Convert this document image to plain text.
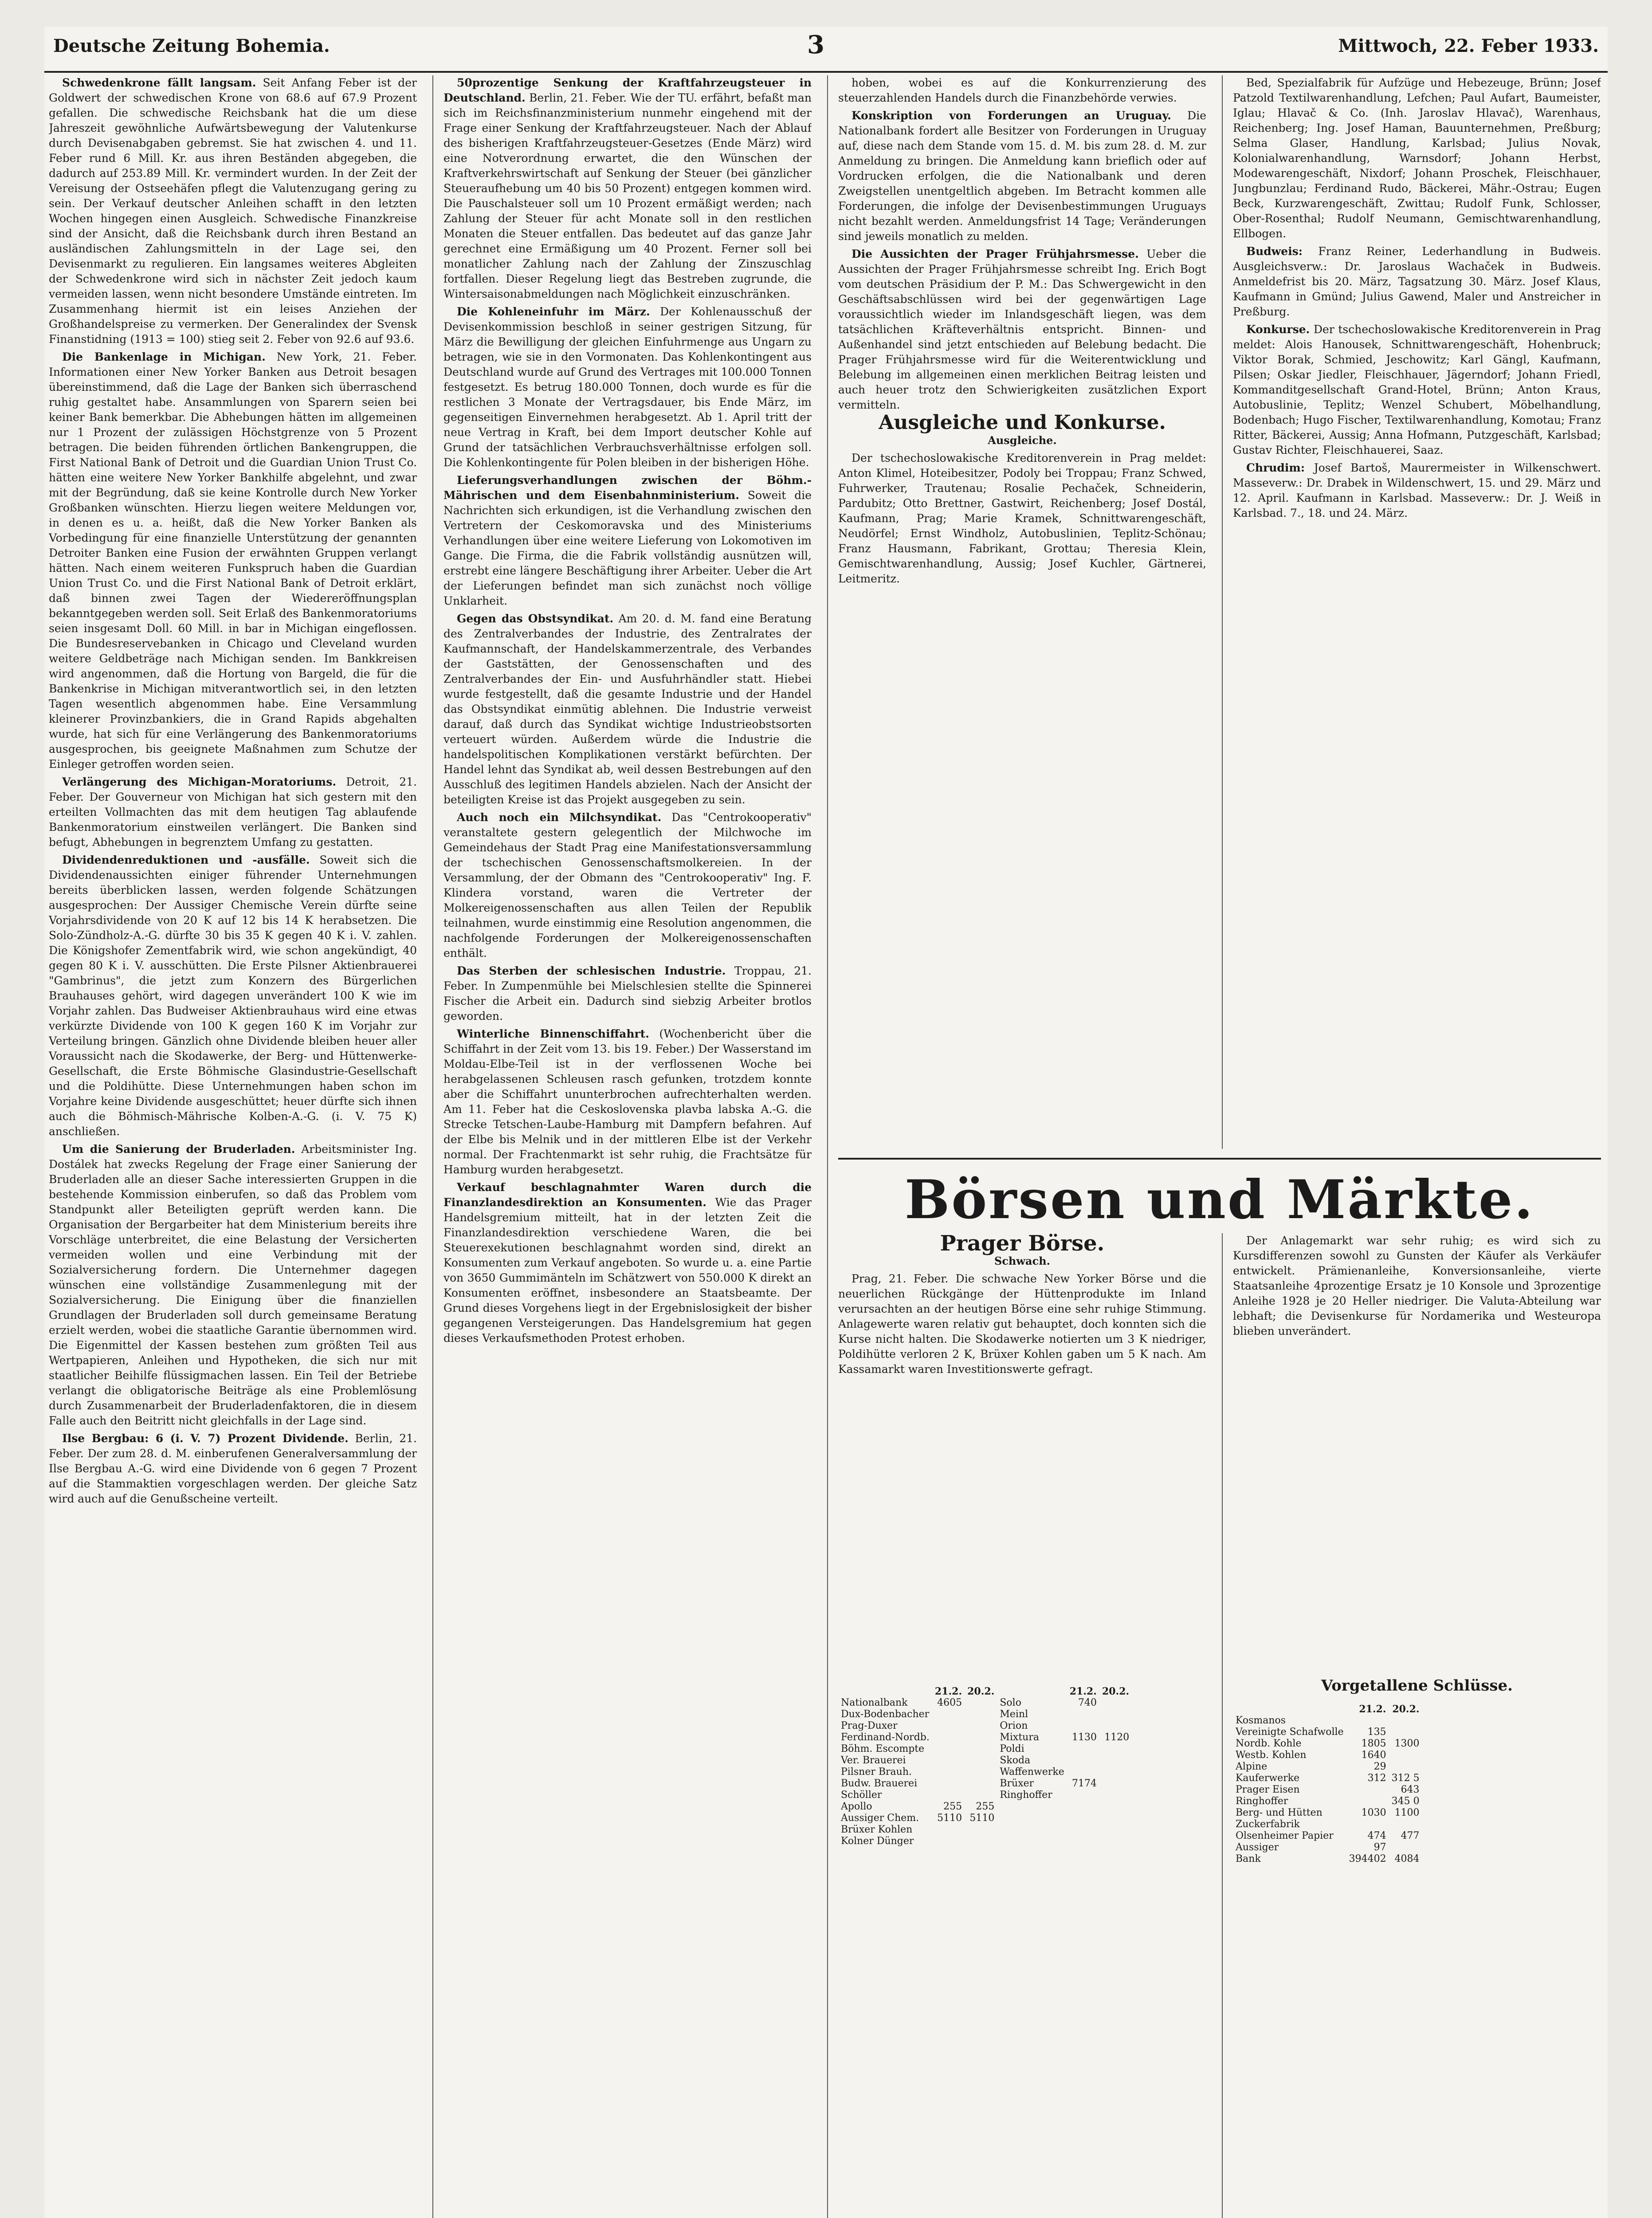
Deutsche Zeitung Bohemia.	3	Mittwoch, 22. Feber 1933.

Schwedenkrone fällt langsam. Seit Anfang Feber ist der Goldwert der schwedischen Krone von 68.6 auf 67.9 Prozent gefallen. Die schwedische Reichsbank hat die um diese Jahreszeit gewöhnliche Aufwärtsbewegung der Valutenkurse durch Devisenabgaben gebremst. Sie hat zwischen 4. und 11. Feber rund 6 Mill. Kr. aus ihren Beständen abgegeben, die dadurch auf 253.89 Mill. Kr. vermindert wurden. In der Zeit der Vereisung der Ostseehäfen pflegt die Valutenzugang gering zu sein. Der Verkauf deutscher Anleihen schafft in den letzten Wochen hingegen einen Ausgleich. Schwedische Finanzkreise sind der Ansicht, daß die Reichsbank durch ihren Bestand an ausländischen Zahlungsmitteln in der Lage sei, den Devisenmarkt zu regulieren. Ein langsames weiteres Abgleiten der Schwedenkrone wird sich in nächster Zeit jedoch kaum vermeiden lassen, wenn nicht besondere Umstände eintreten. Im Zusammenhang hiermit ist ein leises Anziehen der Großhandelspreise zu vermerken. Der Generalindex der Svensk Finanstidning (1913 = 100) stieg seit 2. Feber von 92.6 auf 93.6.

Die Bankenlage in Michigan. New York, 21. Feber. Informationen einer New Yorker Banken aus Detroit besagen übereinstimmend, daß die Lage der Banken sich überraschend ruhig gestaltet habe. Ansammlungen von Sparern seien bei keiner Bank bemerkbar. Die Abhebungen hätten im allgemeinen nur 1 Prozent der zulässigen Höchstgrenze von 5 Prozent betragen. Die beiden führenden örtlichen Bankengruppen, die First National Bank of Detroit und die Guardian Union Trust Co. hätten eine weitere New Yorker Bankhilfe abgelehnt, und zwar mit der Begründung, daß sie keine Kontrolle durch New Yorker Großbanken wünschten. Hierzu liegen weitere Meldungen vor, in denen es u. a. heißt, daß die New Yorker Banken als Vorbedingung für eine finanzielle Unterstützung der genannten Detroiter Banken eine Fusion der erwähnten Gruppen verlangt hätten. Nach einem weiteren Funkspruch haben die Guardian Union Trust Co. und die First National Bank of Detroit erklärt, daß binnen zwei Tagen der Wiedereröffnungsplan bekanntgegeben werden soll. Seit Erlaß des Bankenmoratoriums seien insgesamt Doll. 60 Mill. in bar in Michigan eingeflossen. Die Bundesreservebanken in Chicago und Cleveland wurden weitere Geldbeträge nach Michigan senden. Im Bankkreisen wird angenommen, daß die Hortung von Bargeld, die für die Bankenkrise in Michigan mitverantwortlich sei, in den letzten Tagen wesentlich abgenommen habe. Eine Versammlung kleinerer Provinzbankiers, die in Grand Rapids abgehalten wurde, hat sich für eine Verlängerung des Bankenmoratoriums ausgesprochen, bis geeignete Maßnahmen zum Schutze der Einleger getroffen worden seien.

Verlängerung des Michigan-Moratoriums. Detroit, 21. Feber. Der Gouverneur von Michigan hat sich gestern mit den erteilten Vollmachten das mit dem heutigen Tag ablaufende Bankenmoratorium einstweilen verlängert. Die Banken sind befugt, Abhebungen in begrenztem Umfang zu gestatten.

Dividendenreduktionen und -ausfälle. Soweit sich die Dividendenaussichten einiger führender Unternehmungen bereits überblicken lassen, werden folgende Schätzungen ausgesprochen: Der Aussiger Chemische Verein dürfte seine Vorjahrsdividende von 20 K auf 12 bis 14 K herabsetzen. Die Solo-Zündholz-A.-G. dürfte 30 bis 35 K gegen 40 K i. V. zahlen. Die Königshofer Zementfabrik wird, wie schon angekündigt, 40 gegen 80 K i. V. ausschütten. Die Erste Pilsner Aktienbrauerei "Gambrinus", die jetzt zum Konzern des Bürgerlichen Brauhauses gehört, wird dagegen unverändert 100 K wie im Vorjahr zahlen. Das Budweiser Aktienbrauhaus wird eine etwas verkürzte Dividende von 100 K gegen 160 K im Vorjahr zur Verteilung bringen. Gänzlich ohne Dividende bleiben heuer aller Voraussicht nach die Skodawerke, der Berg- und Hüttenwerke-Gesellschaft, die Erste Böhmische Glasindustrie-Gesellschaft und die Poldihütte. Diese Unternehmungen haben schon im Vorjahre keine Dividende ausgeschüttet; heuer dürfte sich ihnen auch die Böhmisch-Mährische Kolben-A.-G. (i. V. 75 K) anschließen.

Um die Sanierung der Bruderladen. Arbeitsminister Ing. Dostálek hat zwecks Regelung der Frage einer Sanierung der Bruderladen alle an dieser Sache interessierten Gruppen in die bestehende Kommission einberufen, so daß das Problem vom Standpunkt aller Beteiligten geprüft werden kann. Die Organisation der Bergarbeiter hat dem Ministerium bereits ihre Vorschläge unterbreitet, die eine Belastung der Versicherten vermeiden wollen und eine Verbindung mit der Sozialversicherung fordern. Die Unternehmer dagegen wünschen eine vollständige Zusammenlegung mit der Sozialversicherung. Die Einigung über die finanziellen Grundlagen der Bruderladen soll durch gemeinsame Beratung erzielt werden, wobei die staatliche Garantie übernommen wird. Die Eigenmittel der Kassen bestehen zum größten Teil aus Wertpapieren, Anleihen und Hypotheken, die sich nur mit staatlicher Beihilfe flüssigmachen lassen. Ein Teil der Betriebe verlangt die obligatorische Beiträge als eine Problemlösung durch Zusammenarbeit der Bruderladenfaktoren, die in diesem Falle auch den Beitritt nicht gleichfalls in der Lage sind.

Ilse Bergbau: 6 (i. V. 7) Prozent Dividende. Berlin, 21. Feber. Der zum 28. d. M. einberufenen Generalversammlung der Ilse Bergbau A.-G. wird eine Dividende von 6 gegen 7 Prozent auf die Stammaktien vorgeschlagen werden. Der gleiche Satz wird auch auf die Genußscheine verteilt.

50prozentige Senkung der Kraftfahrzeugsteuer in Deutschland. Berlin, 21. Feber. Wie der TU. erfährt, befaßt man sich im Reichsfinanzministerium nunmehr eingehend mit der Frage einer Senkung der Kraftfahrzeugsteuer. Nach der Ablauf des bisherigen Kraftfahrzeugsteuer-Gesetzes (Ende März) wird eine Notverordnung erwartet, die den Wünschen der Kraftverkehrswirtschaft auf Senkung der Steuer (bei gänzlicher Steueraufhebung um 40 bis 50 Prozent) entgegen kommen wird. Die Pauschalsteuer soll um 10 Prozent ermäßigt werden; nach Zahlung der Steuer für acht Monate soll in den restlichen Monaten die Steuer entfallen. Das bedeutet auf das ganze Jahr gerechnet eine Ermäßigung um 40 Prozent. Ferner soll bei monatlicher Zahlung nach der Zahlung der Zinszuschlag fortfallen. Dieser Regelung liegt das Bestreben zugrunde, die Wintersaisonabmeldungen nach Möglichkeit einzuschränken.

Die Kohleneinfuhr im März. Der Kohlenausschuß der Devisenkommission beschloß in seiner gestrigen Sitzung, für März die Bewilligung der gleichen Einfuhrmenge aus Ungarn zu betragen, wie sie in den Vormonaten. Das Kohlenkontingent aus Deutschland wurde auf Grund des Vertrages mit 100.000 Tonnen festgesetzt. Es betrug 180.000 Tonnen, doch wurde es für die restlichen 3 Monate der Vertragsdauer, bis Ende März, im gegenseitigen Einvernehmen herabgesetzt. Ab 1. April tritt der neue Vertrag in Kraft, bei dem Import deutscher Kohle auf Grund der tatsächlichen Verbrauchsverhältnisse erfolgen soll. Die Kohlenkontingente für Polen bleiben in der bisherigen Höhe.

Lieferungsverhandlungen zwischen der Böhm.-Mährischen und dem Eisenbahnministerium. Soweit die Nachrichten sich erkundigen, ist die Verhandlung zwischen den Vertretern der Ceskomoravska und des Ministeriums Verhandlungen über eine weitere Lieferung von Lokomotiven im Gange. Die Firma, die die Fabrik vollständig ausnützen will, erstrebt eine längere Beschäftigung ihrer Arbeiter. Ueber die Art der Lieferungen befindet man sich zunächst noch völlige Unklarheit.

Gegen das Obstsyndikat. Am 20. d. M. fand eine Beratung des Zentralverbandes der Industrie, des Zentralrates der Kaufmannschaft, der Handelskammerzentrale, des Verbandes der Gaststätten, der Genossenschaften und des Zentralverbandes der Ein- und Ausfuhrhändler statt. Hiebei wurde festgestellt, daß die gesamte Industrie und der Handel das Obstsyndikat einmütig ablehnen. Die Industrie verweist darauf, daß durch das Syndikat wichtige Industrieobstsorten verteuert würden. Außerdem würde die Industrie die handelspolitischen Komplikationen verstärkt befürchten. Der Handel lehnt das Syndikat ab, weil dessen Bestrebungen auf den Ausschluß des legitimen Handels abzielen. Nach der Ansicht der beteiligten Kreise ist das Projekt ausgegeben zu sein.

Auch noch ein Milchsyndikat. Das "Centrokooperativ" veranstaltete gestern gelegentlich der Milchwoche im Gemeindehaus der Stadt Prag eine Manifestationsversammlung der tschechischen Genossenschaftsmolkereien. In der Versammlung, der der Obmann des "Centrokooperativ" Ing. F. Klindera vorstand, waren die Vertreter der Molkereigenossenschaften aus allen Teilen der Republik teilnahmen, wurde einstimmig eine Resolution angenommen, die nachfolgende Forderungen der Molkereigenossenschaften enthält.

Das Sterben der schlesischen Industrie. Troppau, 21. Feber. In Zumpenmühle bei Mielschlesien stellte die Spinnerei Fischer die Arbeit ein. Dadurch sind siebzig Arbeiter brotlos geworden.

Winterliche Binnenschiffahrt. (Wochenbericht über die Schiffahrt in der Zeit vom 13. bis 19. Feber.) Der Wasserstand im Moldau-Elbe-Teil ist in der verflossenen Woche bei herabgelassenen Schleusen rasch gefunken, trotzdem konnte aber die Schiffahrt ununterbrochen aufrechterhalten werden. Am 11. Feber hat die Ceskoslovenska plavba labska A.-G. die Strecke Tetschen-Laube-Hamburg mit Dampfern befahren. Auf der Elbe bis Melnik und in der mittleren Elbe ist der Verkehr normal. Der Frachtenmarkt ist sehr ruhig, die Frachtsätze für Hamburg wurden herabgesetzt.

Verkauf beschlagnahmter Waren durch die Finanzlandesdirektion an Konsumenten. Wie das Prager Handelsgremium mitteilt, hat in der letzten Zeit die Finanzlandesdirektion verschiedene Waren, die bei Steuerexekutionen beschlagnahmt worden sind, direkt an Konsumenten zum Verkauf angeboten. So wurde u. a. eine Partie von 3650 Gummimänteln im Schätzwert von 550.000 K direkt an Konsumenten eröffnet, insbesondere an Staatsbeamte. Der Grund dieses Vorgehens liegt in der Ergebnislosigkeit der bisher gegangenen Versteigerungen. Das Handelsgremium hat gegen dieses Verkaufsmethoden Protest erhoben.

hoben, wobei es auf die Konkurrenzierung des steuerzahlenden Handels durch die Finanzbehörde verwies.

Konskription von Forderungen an Uruguay. Die Nationalbank fordert alle Besitzer von Forderungen in Uruguay auf, diese nach dem Stande vom 15. d. M. bis zum 28. d. M. zur Anmeldung zu bringen. Die Anmeldung kann brieflich oder auf Vordrucken erfolgen, die die Nationalbank und deren Zweigstellen unentgeltlich abgeben. Im Betracht kommen alle Forderungen, die infolge der Devisenbestimmungen Uruguays nicht bezahlt werden. Anmeldungsfrist 14 Tage; Veränderungen sind jeweils monatlich zu melden.

Die Aussichten der Prager Frühjahrsmesse. Ueber die Aussichten der Prager Frühjahrsmesse schreibt Ing. Erich Bogt vom deutschen Präsidium der P. M.: Das Schwergewicht in den Geschäftsabschlüssen wird bei der gegenwärtigen Lage voraussichtlich wieder im Inlandsgeschäft liegen, was dem tatsächlichen Kräfteverhältnis entspricht. Binnen- und Außenhandel sind jetzt entschieden auf Belebung bedacht. Die Prager Frühjahrsmesse wird für die Weiterentwicklung und Belebung im allgemeinen einen merklichen Beitrag leisten und auch heuer trotz den Schwierigkeiten zusätzlichen Export vermitteln.

Ausgleiche und Konkurse.

Ausgleiche.

Der tschechoslowakische Kreditorenverein in Prag meldet: Anton Klimel, Hoteibesitzer, Podoly bei Troppau; Franz Schwed, Fuhrwerker, Trautenau; Rosalie Pechaček, Schneiderin, Pardubitz; Otto Brettner, Gastwirt, Reichenberg; Josef Dostál, Kaufmann, Prag; Marie Kramek, Schnittwarengeschäft, Neudörfel; Ernst Windholz, Autobuslinien, Teplitz-Schönau; Franz Hausmann, Fabrikant, Grottau; Theresia Klein, Gemischtwarenhandlung, Aussig; Josef Kuchler, Gärtnerei, Leitmeritz.

Bed, Spezialfabrik für Aufzüge und Hebezeuge, Brünn; Josef Patzold Textilwarenhandlung, Lefchen; Paul Aufart, Baumeister, Iglau; Hlavač & Co. (Inh. Jaroslav Hlavač), Warenhaus, Reichenberg; Ing. Josef Haman, Bauunternehmen, Preßburg; Selma Glaser, Handlung, Karlsbad; Julius Novak, Kolonialwarenhandlung, Warnsdorf; Johann Herbst, Modewarengeschäft, Nixdorf; Johann Proschek, Fleischhauer, Jungbunzlau; Ferdinand Rudo, Bäckerei, Mähr.-Ostrau; Eugen Beck, Kurzwarengeschäft, Zwittau; Rudolf Funk, Schlosser, Ober-Rosenthal; Rudolf Neumann, Gemischtwarenhandlung, Ellbogen.

Budweis: Franz Reiner, Lederhandlung in Budweis. Ausgleichsverw.: Dr. Jaroslaus Wachaček in Budweis. Anmeldefrist bis 20. März, Tagsatzung 30. März. Josef Klaus, Kaufmann in Gmünd; Julius Gawend, Maler und Anstreicher in Preßburg.

Konkurse. Der tschechoslowakische Kreditorenverein in Prag meldet: Alois Hanousek, Schnittwarengeschäft, Hohenbruck; Viktor Borak, Schmied, Jeschowitz; Karl Gängl, Kaufmann, Pilsen; Oskar Jiedler, Fleischhauer, Jägerndorf; Johann Friedl, Kommanditgesellschaft Grand-Hotel, Brünn; Anton Kraus, Autobuslinie, Teplitz; Wenzel Schubert, Möbelhandlung, Bodenbach; Hugo Fischer, Textilwarenhandlung, Komotau; Franz Ritter, Bäckerei, Aussig; Anna Hofmann, Putzgeschäft, Karlsbad; Gustav Richter, Fleischhauerei, Saaz.

Chrudim: Josef Bartoš, Maurermeister in Wilkenschwert. Masseverw.: Dr. Drabek in Wildenschwert, 15. und 29. März und 12. April. Kaufmann in Karlsbad. Masseverw.: Dr. J. Weiß in Karlsbad. 7., 18. und 24. März.

Börsen und Märkte.
Prager Börse.

Schwach.

Prag, 21. Feber. Die schwache New Yorker Börse und die neuerlichen Rückgänge der Hüttenprodukte im Inland verursachten an der heutigen Börse eine sehr ruhige Stimmung. Anlagewerte waren relativ gut behauptet, doch konnten sich die Kurse nicht halten. Die Skodawerke notierten um 3 K niedriger, Poldihütte verloren 2 K, Brüxer Kohlen gaben um 5 K nach. Am Kassamarkt waren Investitionswerte gefragt.

Der Anlagemarkt war sehr ruhig; es wird sich zu Kursdifferenzen sowohl zu Gunsten der Käufer als Verkäufer entwickelt. Prämienanleihe, Konversionsanleihe, vierte Staatsanleihe 4prozentige Ersatz je 10 Konsole und 3prozentige Anleihe 1928 je 20 Heller niedriger. Die Valuta-Abteilung war lebhaft; die Devisenkurse für Nordamerika und Westeuropa blieben unverändert.

Vorgetallene Schlüsse.
	21.2.	20.2.		21.2.	20.2.
Nationalbank	4605		Solo	740	
Dux-Bodenbacher			Meinl		
Prag-Duxer			Orion		
Ferdinand-Nordb.			Mixtura	1130	1120
Böhm. Escompte			Poldi		
Ver. Brauerei			Skoda		
Pilsner Brauh.			Waffenwerke		
Budw. Brauerei			Brüxer	7174	
Schöller			Ringhoffer		
Apollo	255	255			
Aussiger Chem.	5110	5110			
Brüxer Kohlen					
Kolner Dünger					
	21.2.	20.2.
Kosmanos		
Vereinigte Schafwolle	135	
Nordb. Kohle	1805	1300
Westb. Kohlen	1640	
Alpine	29	
Kauferwerke	312	312 5
Prager Eisen		643
Ringhoffer		345 0
Berg- und Hütten	1030	1100
Zuckerfabrik		
Olsenheimer Papier	474	477
Aussiger	97	
Bank	394402	4084
